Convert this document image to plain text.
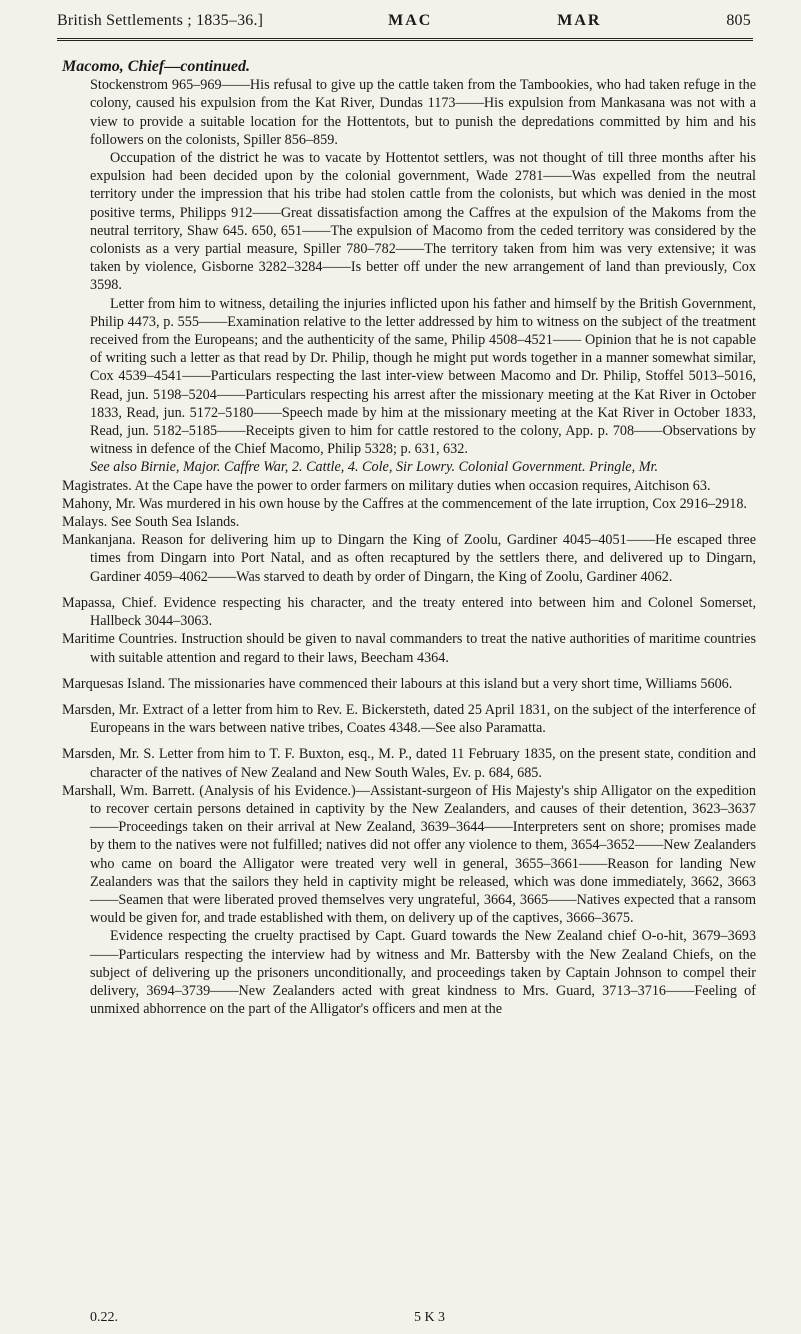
British Settlements ; 1835–36.]	MAC	MAR	805

Macomo, Chief—continued.

Stockenstrom 965–969——His refusal to give up the cattle taken from the Tambookies, who had taken refuge in the colony, caused his expulsion from the Kat River, Dundas 1173——His expulsion from Mankasana was not with a view to provide a suitable location for the Hottentots, but to punish the depredations committed by him and his followers on the colonists, Spiller 856–859.

Occupation of the district he was to vacate by Hottentot settlers, was not thought of till three months after his expulsion had been decided upon by the colonial government, Wade 2781——Was expelled from the neutral territory under the impression that his tribe had stolen cattle from the colonists, but which was denied in the most positive terms, Philipps 912——Great dissatisfaction among the Caffres at the expulsion of the Makoms from the neutral territory, Shaw 645. 650, 651——The expulsion of Macomo from the ceded territory was considered by the colonists as a very partial measure, Spiller 780–782——The territory taken from him was very extensive; it was taken by violence, Gisborne 3282–3284——Is better off under the new arrangement of land than previously, Cox 3598.

Letter from him to witness, detailing the injuries inflicted upon his father and himself by the British Government, Philip 4473, p. 555——Examination relative to the letter addressed by him to witness on the subject of the treatment received from the Europeans; and the authenticity of the same, Philip 4508–4521—— Opinion that he is not capable of writing such a letter as that read by Dr. Philip, though he might put words together in a manner somewhat similar, Cox 4539–4541——Particulars respecting the last inter-view between Macomo and Dr. Philip, Stoffel 5013–5016, Read, jun. 5198–5204——Particulars respecting his arrest after the missionary meeting at the Kat River in October 1833, Read, jun. 5172–5180——Speech made by him at the missionary meeting at the Kat River in October 1833, Read, jun. 5182–5185——Receipts given to him for cattle restored to the colony, App. p. 708——Observations by witness in defence of the Chief Macomo, Philip 5328; p. 631, 632.

See also Birnie, Major. Caffre War, 2. Cattle, 4. Cole, Sir Lowry. Colonial Government. Pringle, Mr.

Magistrates. At the Cape have the power to order farmers on military duties when occasion requires, Aitchison 63.

Mahony, Mr. Was murdered in his own house by the Caffres at the commencement of the late irruption, Cox 2916–2918.

Malays. See South Sea Islands.

Mankanjana. Reason for delivering him up to Dingarn the King of Zoolu, Gardiner 4045–4051——He escaped three times from Dingarn into Port Natal, and as often recaptured by the settlers there, and delivered up to Dingarn, Gardiner 4059–4062——Was starved to death by order of Dingarn, the King of Zoolu, Gardiner 4062.

Mapassa, Chief. Evidence respecting his character, and the treaty entered into between him and Colonel Somerset, Hallbeck 3044–3063.

Maritime Countries. Instruction should be given to naval commanders to treat the native authorities of maritime countries with suitable attention and regard to their laws, Beecham 4364.

Marquesas Island. The missionaries have commenced their labours at this island but a very short time, Williams 5606.

Marsden, Mr. Extract of a letter from him to Rev. E. Bickersteth, dated 25 April 1831, on the subject of the interference of Europeans in the wars between native tribes, Coates 4348.—See also Paramatta.

Marsden, Mr. S. Letter from him to T. F. Buxton, esq., M. P., dated 11 February 1835, on the present state, condition and character of the natives of New Zealand and New South Wales, Ev. p. 684, 685.

Marshall, Wm. Barrett. (Analysis of his Evidence.)—Assistant-surgeon of His Majesty's ship Alligator on the expedition to recover certain persons detained in captivity by the New Zealanders, and causes of their detention, 3623–3637——Proceedings taken on their arrival at New Zealand, 3639–3644——Interpreters sent on shore; promises made by them to the natives were not fulfilled; natives did not offer any violence to them, 3654–3652——New Zealanders who came on board the Alligator were treated very well in general, 3655–3661——Reason for landing New Zealanders was that the sailors they held in captivity might be released, which was done immediately, 3662, 3663——Seamen that were liberated proved themselves very ungrateful, 3664, 3665——Natives expected that a ransom would be given for, and trade established with them, on delivery up of the captives, 3666–3675.

Evidence respecting the cruelty practised by Capt. Guard towards the New Zealand chief O-o-hit, 3679–3693——Particulars respecting the interview had by witness and Mr. Battersby with the New Zealand Chiefs, on the subject of delivering up the prisoners unconditionally, and proceedings taken by Captain Johnson to compel their delivery, 3694–3739——New Zealanders acted with great kindness to Mrs. Guard, 3713–3716——Feeling of unmixed abhorrence on the part of the Alligator's officers and men at the

0.22.	5 K 3
